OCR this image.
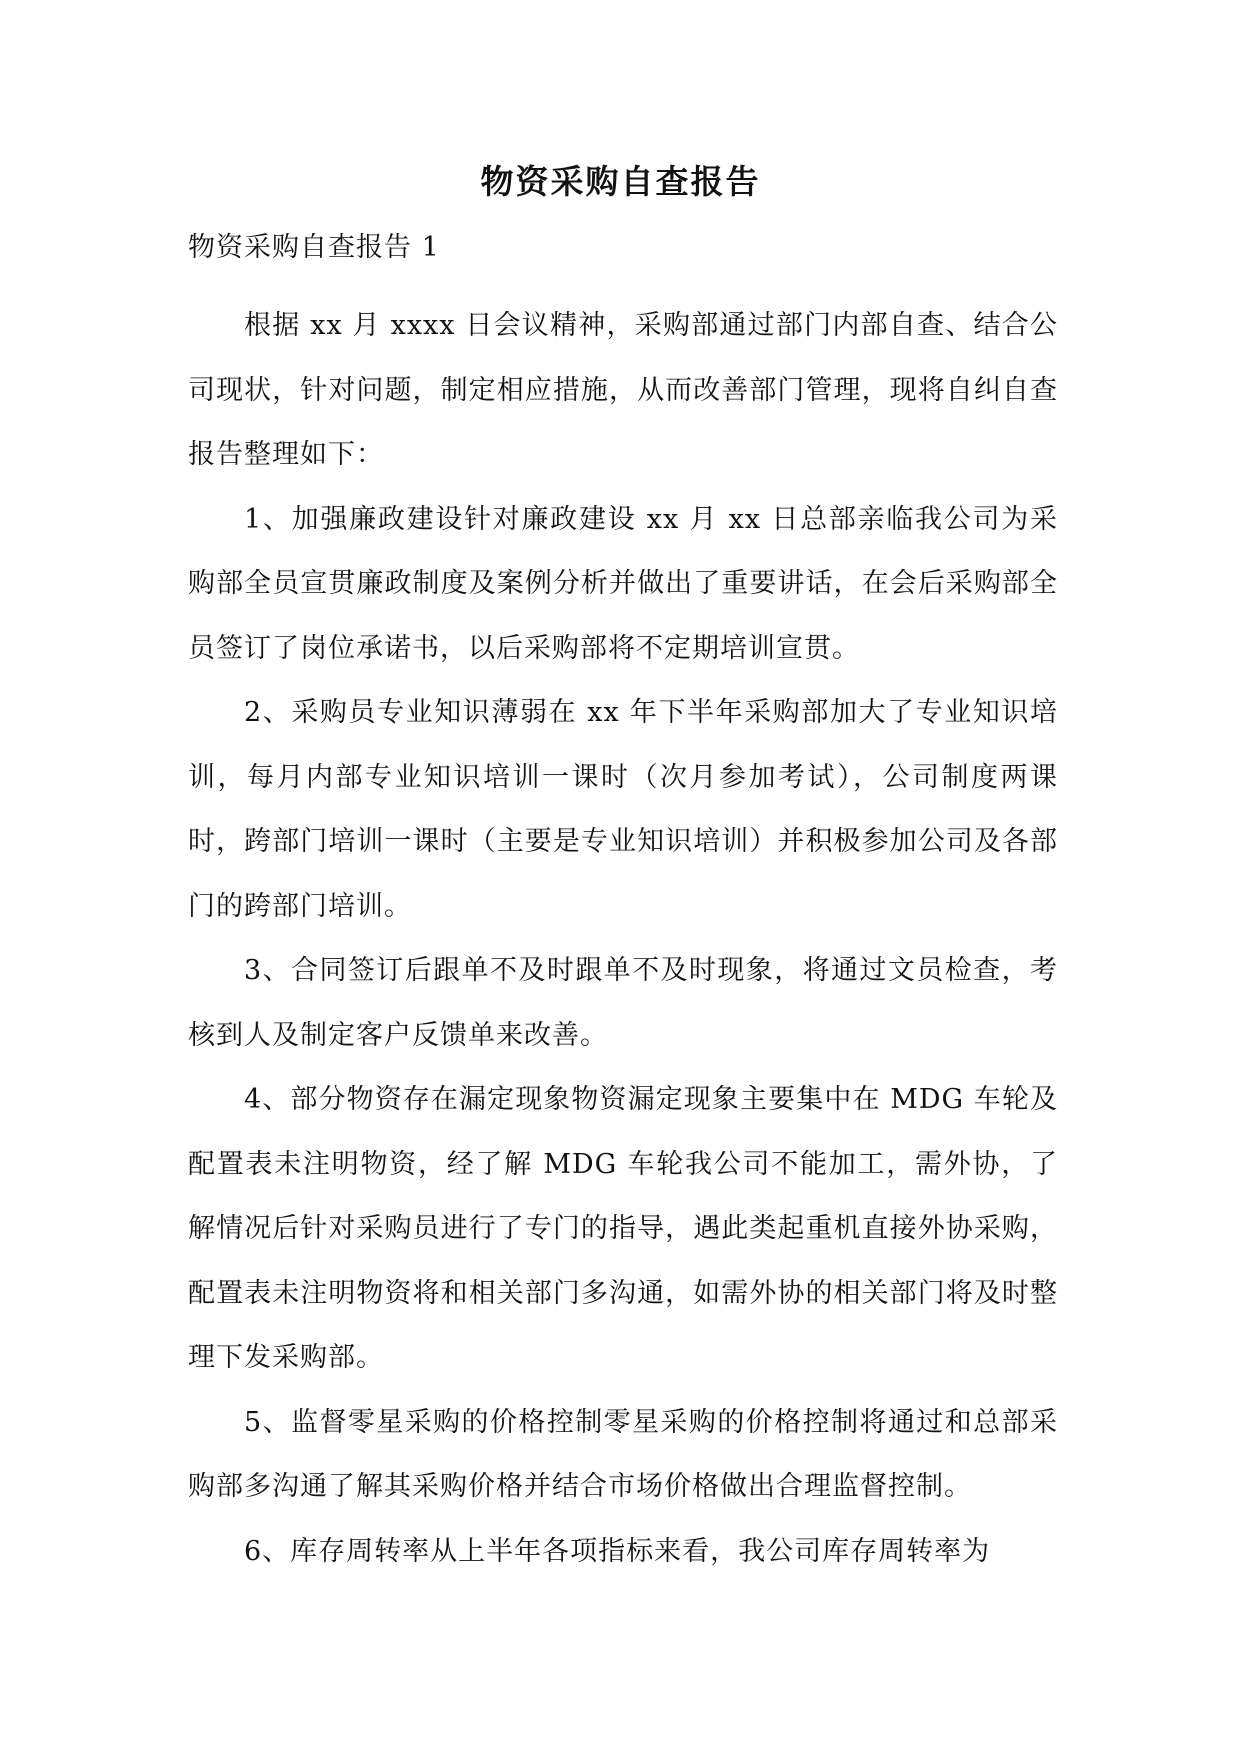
物资采购自查报告
物资采购自查报告 1

根据 xx 月 xxxx 日会议精神，采购部通过部门内部自查、结合公司现状，针对问题，制定相应措施，从而改善部门管理，现将自纠自查报告整理如下：

1、加强廉政建设针对廉政建设 xx 月 xx 日总部亲临我公司为采购部全员宣贯廉政制度及案例分析并做出了重要讲话，在会后采购部全员签订了岗位承诺书，以后采购部将不定期培训宣贯。

2、采购员专业知识薄弱在 xx 年下半年采购部加大了专业知识培训，每月内部专业知识培训一课时（次月参加考试），公司制度两课时，跨部门培训一课时（主要是专业知识培训）并积极参加公司及各部门的跨部门培训。

3、合同签订后跟单不及时跟单不及时现象，将通过文员检查，考核到人及制定客户反馈单来改善。

4、部分物资存在漏定现象物资漏定现象主要集中在 MDG 车轮及配置表未注明物资，经了解 MDG 车轮我公司不能加工，需外协，了解情况后针对采购员进行了专门的指导，遇此类起重机直接外协采购，配置表未注明物资将和相关部门多沟通，如需外协的相关部门将及时整理下发采购部。

5、监督零星采购的价格控制零星采购的价格控制将通过和总部采购部多沟通了解其采购价格并结合市场价格做出合理监督控制。

6、库存周转率从上半年各项指标来看，我公司库存周转率为
